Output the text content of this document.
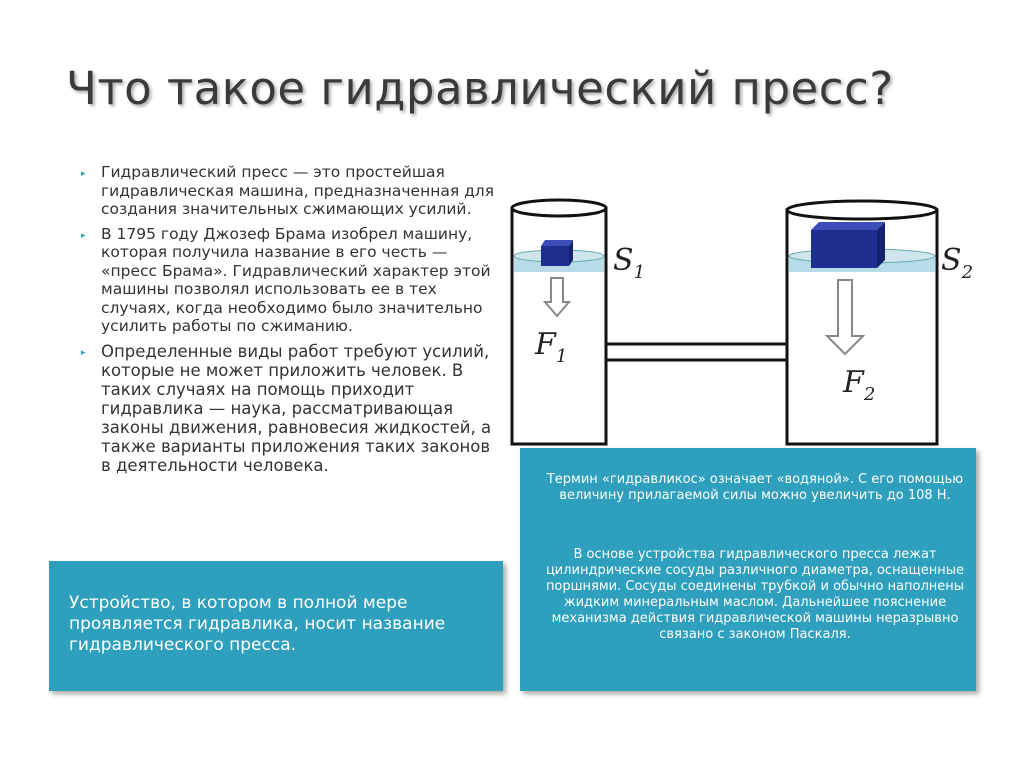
Что такое гидравлический пресс?
▸ Гидравлический пресс — это простейшая гидравлическая машина, предназначенная для создания значительных сжимающих усилий.
▸ В 1795 году Джозеф Брама изобрел машину, которая получила название в его честь — «пресс Брама». Гидравлический характер этой машины позволял использовать ее в тех случаях, когда необходимо было значительно усилить работы по сжиманию.
▸ Определенные виды работ требуют усилий, которые не может приложить человек. В таких случаях на помощь приходит гидравлика — наука, рассматривающая законы движения, равновесия жидкостей, а также варианты приложения таких законов в деятельности человека.
$S_1$	$S_2$
$F_1$
$F_2$

Термин «гидравликос» означает «водяной». С его помощью величину прилагаемой силы можно увеличить до 108 Н.

В основе устройства гидравлического пресса лежат цилиндрические сосуды различного диаметра, оснащенные поршнями. Сосуды соединены трубкой и обычно наполнены жидким минеральным маслом. Дальнейшее пояснение механизма действия гидравлической машины неразрывно связано с законом Паскаля.

Устройство, в котором в полной мере проявляется гидравлика, носит название гидравлического пресса.
